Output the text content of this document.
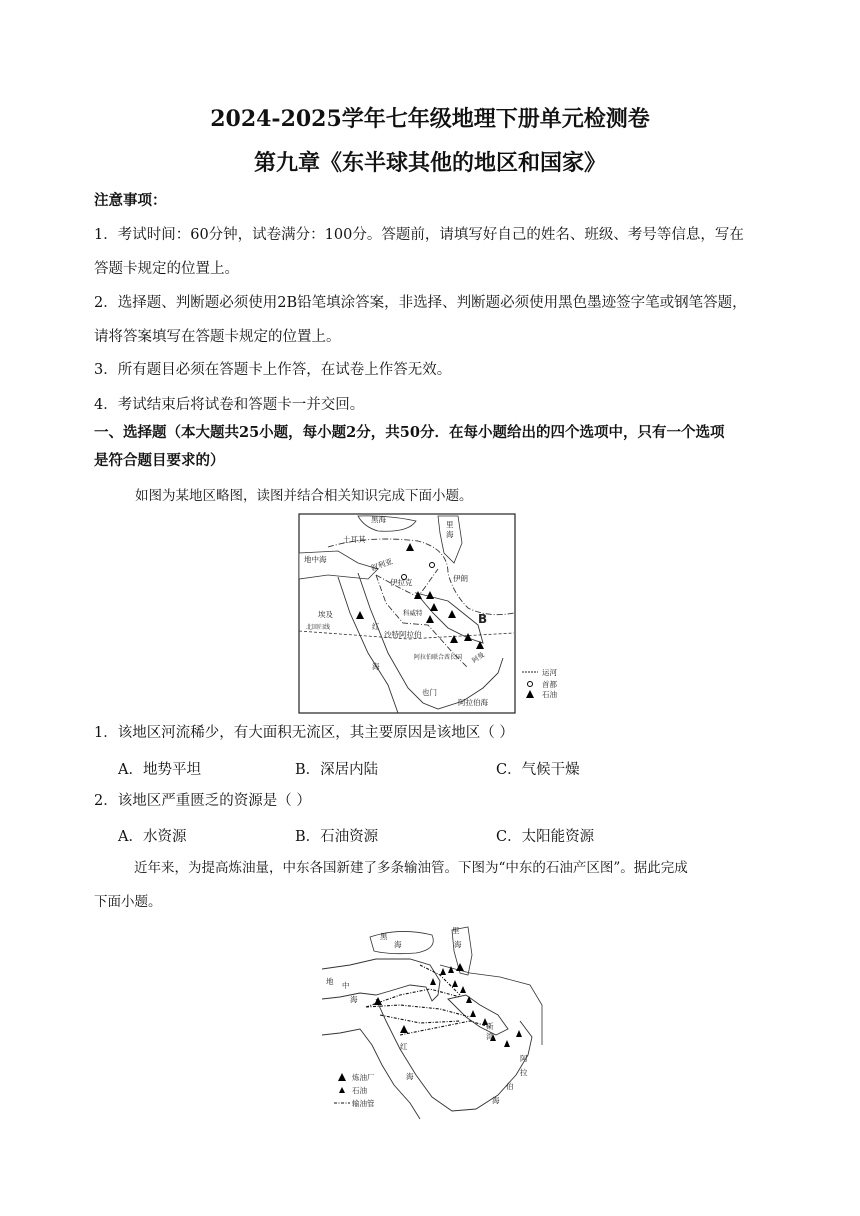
2024-2025学年七年级地理下册单元检测卷
第九章《东半球其他的地区和国家》
注意事项：
1．考试时间：60分钟，试卷满分：100分。答题前，请填写好自己的姓名、班级、考号等信息，写在
答题卡规定的位置上。
2．选择题、判断题必须使用2B铅笔填涂答案，非选择、判断题必须使用黑色墨迹签字笔或钢笔答题，
请将答案填写在答题卡规定的位置上。
3．所有题目必须在答题卡上作答，在试卷上作答无效。
4．考试结束后将试卷和答题卡一并交回。
一、选择题（本大题共25小题，每小题2分，共50分．在每小题给出的四个选项中，只有一个选项
是符合题目要求的）
如图为某地区略图，读图并结合相关知识完成下面小题。
黑海
里
海
土耳其
地中海	叙利亚
伊拉克	伊朗
埃及
北回归线
科威特
沙特阿拉伯
红
海
阿拉伯联合酋长国 阿曼
也门
阿拉伯海
B
运河
首都
石油
1．该地区河流稀少，有大面积无流区，其主要原因是该地区（ ）
A．地势平坦	B．深居内陆	C．气候干燥
2．该地区严重匮乏的资源是（ ）
A．水资源	B．石油资源	C．太阳能资源
近年来，为提高炼油量，中东各国新建了多条输油管。下图为“中东的石油产区图”。据此完成
下面小题。
里
海
黑
海
地 中
海
斯
湾
红
海
阿
拉
伯
海
炼油厂
石油
输油管
